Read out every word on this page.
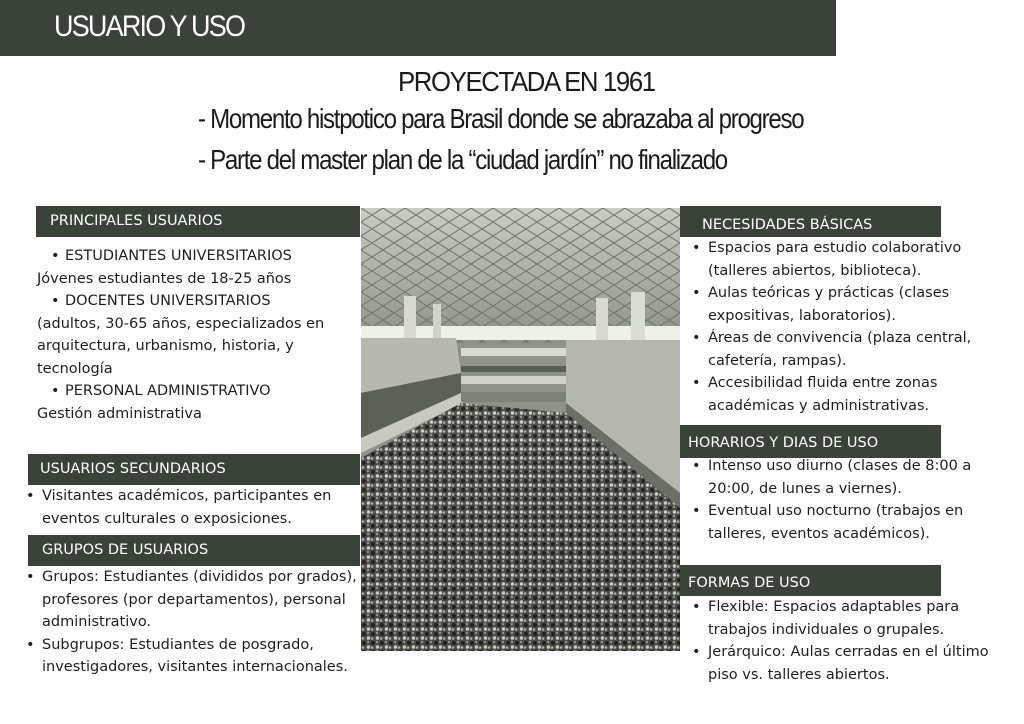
USUARIO Y USO
PROYECTADA EN 1961
- Momento histpotico para Brasil donde se abrazaba al progreso
- Parte del master plan de la “ciudad jardín” no finalizado
PRINCIPALES USUARIOS
• ESTUDIANTES UNIVERSITARIOS
Jóvenes estudiantes de 18-25 años
• DOCENTES UNIVERSITARIOS
(adultos, 30-65 años, especializados en arquitectura, urbanismo, historia, y tecnología
• PERSONAL ADMINISTRATIVO
Gestión administrativa
USUARIOS SECUNDARIOS
• Visitantes académicos, participantes en eventos culturales o exposiciones.
GRUPOS DE USUARIOS
• Grupos: Estudiantes (divididos por grados), profesores (por departamentos), personal administrativo.
• Subgrupos: Estudiantes de posgrado, investigadores, visitantes internacionales.
NECESIDADES BÁSICAS
• Espacios para estudio colaborativo (talleres abiertos, biblioteca).
• Aulas teóricas y prácticas (clases expositivas, laboratorios).
• Áreas de convivencia (plaza central, cafetería, rampas).
• Accesibilidad fluida entre zonas académicas y administrativas.
HORARIOS Y DIAS DE USO
• Intenso uso diurno (clases de 8:00 a 20:00, de lunes a viernes).
• Eventual uso nocturno (trabajos en talleres, eventos académicos).
FORMAS DE USO
• Flexible: Espacios adaptables para trabajos individuales o grupales.
• Jerárquico: Aulas cerradas en el último piso vs. talleres abiertos.
